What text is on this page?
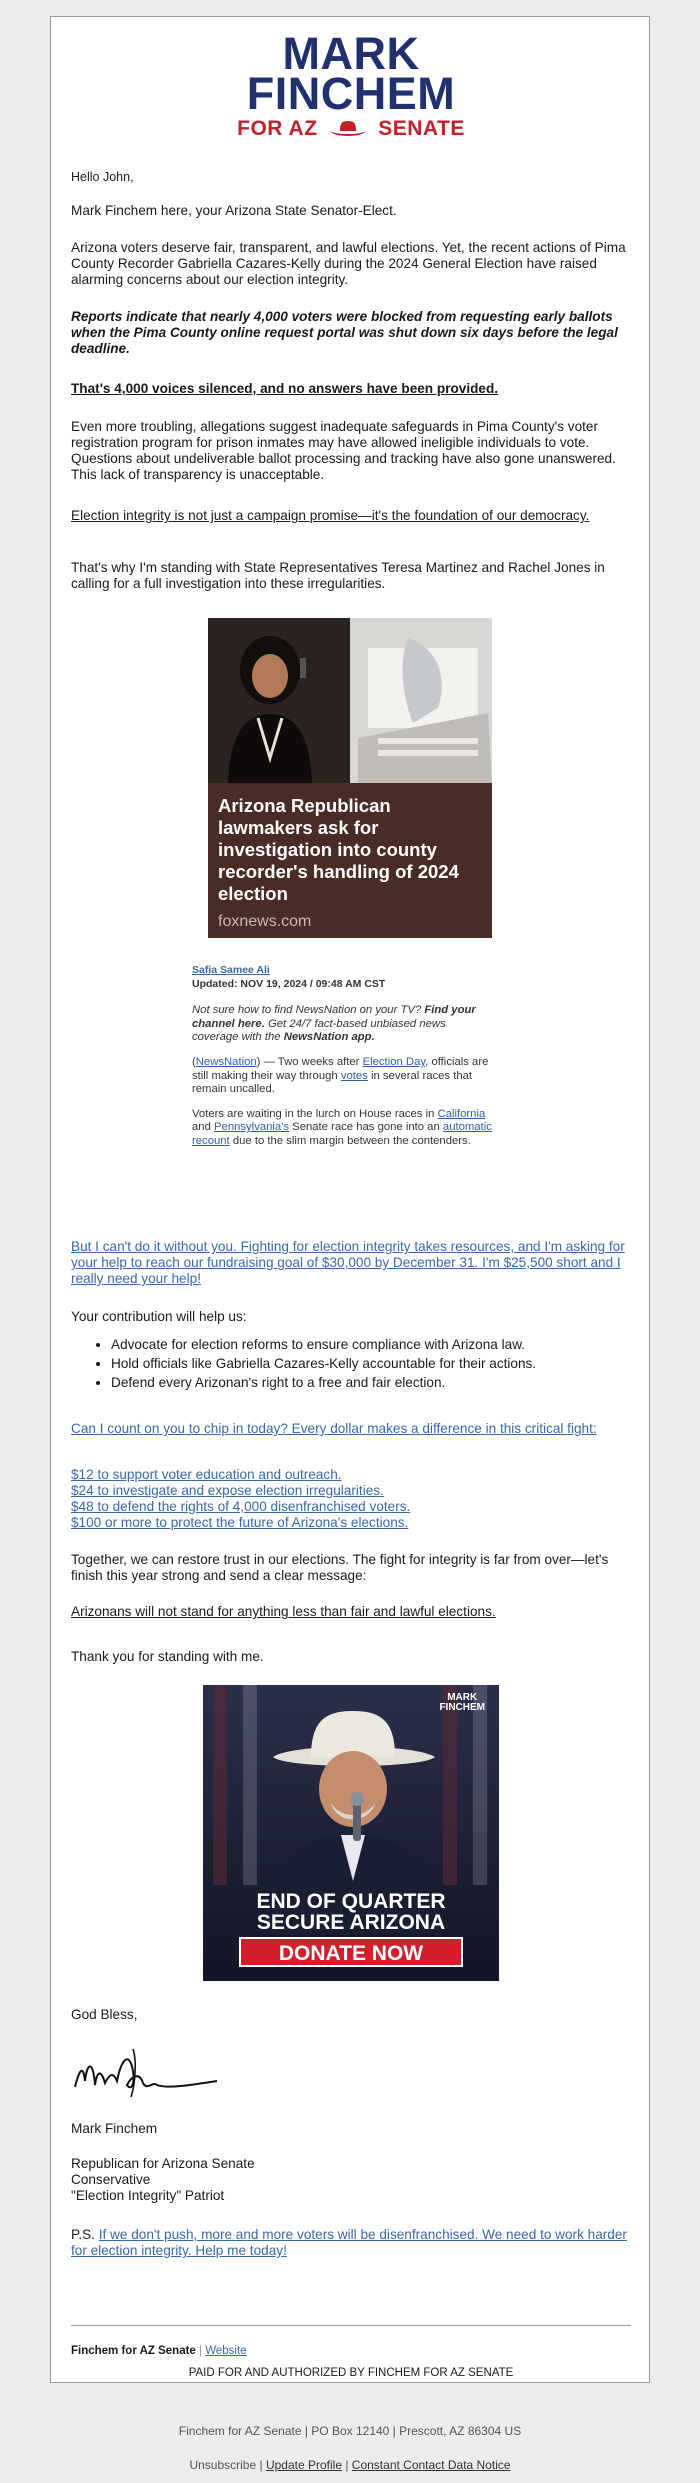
MARK
FINCHEM
FOR AZ	SENATE

Hello John,

Mark Finchem here, your Arizona State Senator-Elect.

Arizona voters deserve fair, transparent, and lawful elections. Yet, the recent actions of Pima County Recorder Gabriella Cazares-Kelly during the 2024 General Election have raised alarming concerns about our election integrity.

Reports indicate that nearly 4,000 voters were blocked from requesting early ballots when the Pima County online request portal was shut down six days before the legal deadline.

That's 4,000 voices silenced, and no answers have been provided.

Even more troubling, allegations suggest inadequate safeguards in Pima County's voter registration program for prison inmates may have allowed ineligible individuals to vote. Questions about undeliverable ballot processing and tracking have also gone unanswered. This lack of transparency is unacceptable.

Election integrity is not just a campaign promise—it's the foundation of our democracy.

That's why I'm standing with State Representatives Teresa Martinez and Rachel Jones in calling for a full investigation into these irregularities.

Arizona Republican lawmakers ask for investigation into county recorder's handling of 2024 election
foxnews.com
Safia Samee Ali
Updated: NOV 19, 2024 / 09:48 AM CST
Not sure how to find NewsNation on your TV? Find your channel here. Get 24/7 fact-based unbiased news coverage with the NewsNation app.
(NewsNation) — Two weeks after Election Day, officials are still making their way through votes in several races that remain uncalled.
Voters are waiting in the lurch on House races in California and Pennsylvania's Senate race has gone into an automatic recount due to the slim margin between the contenders.

But I can't do it without you. Fighting for election integrity takes resources, and I'm asking for your help to reach our fundraising goal of $30,000 by December 31. I'm $25,500 short and I really need your help!

Your contribution will help us:

• Advocate for election reforms to ensure compliance with Arizona law.
• Hold officials like Gabriella Cazares-Kelly accountable for their actions.
• Defend every Arizonan's right to a free and fair election.

Can I count on you to chip in today? Every dollar makes a difference in this critical fight:

$12 to support voter education and outreach.

$24 to investigate and expose election irregularities.

$48 to defend the rights of 4,000 disenfranchised voters.

$100 or more to protect the future of Arizona's elections.

Together, we can restore trust in our elections. The fight for integrity is far from over—let's finish this year strong and send a clear message:

Arizonans will not stand for anything less than fair and lawful elections.

Thank you for standing with me.

MARK
FINCHEM
END OF QUARTER
SECURE ARIZONA
DONATE NOW

God Bless,

Mark Finchem

Republican for Arizona Senate

Conservative

"Election Integrity" Patriot

P.S. If we don't push, more and more voters will be disenfranchised. We need to work harder for election integrity. Help me today!

Finchem for AZ Senate | Website
PAID FOR AND AUTHORIZED BY FINCHEM FOR AZ SENATE
Finchem for AZ Senate | PO Box 12140 | Prescott, AZ 86304 US
Unsubscribe | Update Profile | Constant Contact Data Notice
